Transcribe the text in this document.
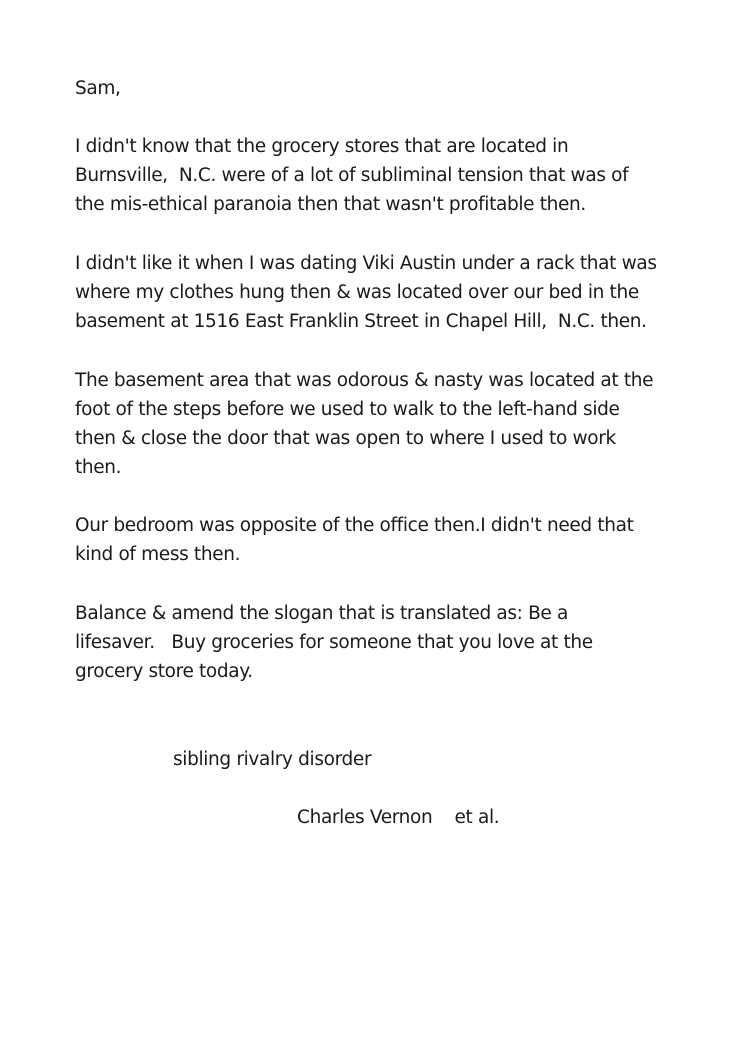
Sam,
I didn't know that the grocery stores that are located in
Burnsville,  N.C. were of a lot of subliminal tension that was of
the mis-ethical paranoia then that wasn't profitable then.
I didn't like it when I was dating Viki Austin under a rack that was
where my clothes hung then & was located over our bed in the
basement at 1516 East Franklin Street in Chapel Hill,  N.C. then.
The basement area that was odorous & nasty was located at the
foot of the steps before we used to walk to the left-hand side
then & close the door that was open to where I used to work
then.
Our bedroom was opposite of the office then.I didn't need that
kind of mess then.
Balance & amend the slogan that is translated as: Be a
lifesaver.   Buy groceries for someone that you love at the
grocery store today.
sibling rivalry disorder
Charles Vernon    et al.
